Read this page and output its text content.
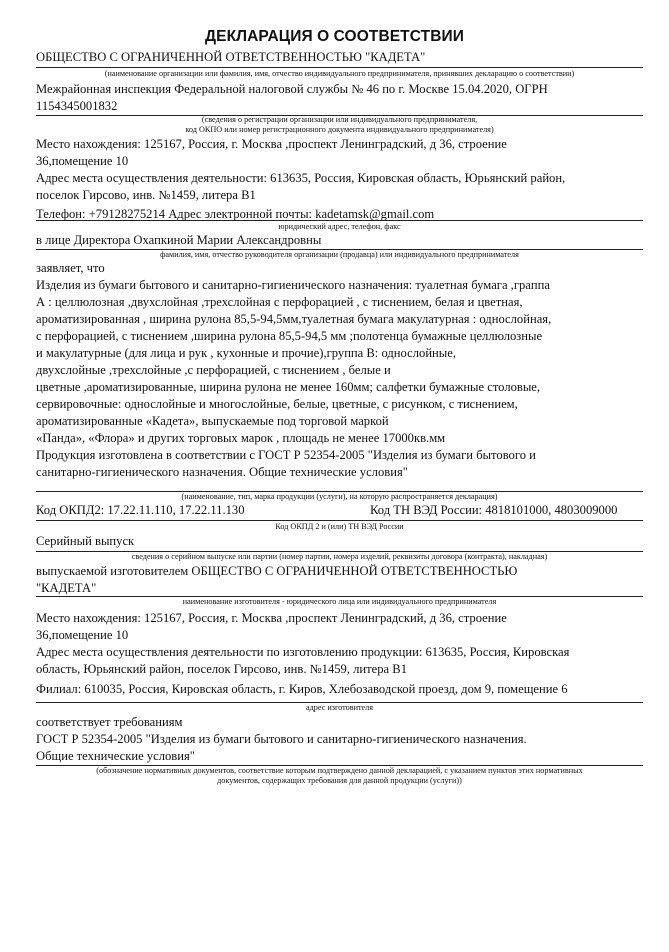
ДЕКЛАРАЦИЯ О СООТВЕТСТВИИ
ОБЩЕСТВО С ОГРАНИЧЕННОЙ ОТВЕТСТВЕННОСТЬЮ "КАДЕТА"
(наименование организации или фамилия, имя, отчество индивидуального предпринимателя, принявших декларацию о соответствии)
Межрайонная инспекция Федеральной налоговой службы № 46 по г. Москве 15.04.2020, ОГРН
1154345001832
(сведения о регистрации организации или индивидуального предпринимателя,
код ОКПО или номер регистрационного документа индивидуального предпринимателя)
Место нахождения: 125167, Россия, г. Москва ,проспект Ленинградский, д 36, строение
36,помещение 10
Адрес места осуществления деятельности: 613635, Россия, Кировская область, Юрьянский район,
поселок Гирсово, инв. №1459, литера В1
Телефон: +79128275214 Адрес электронной почты: kadetamsk@gmail.com
юридический адрес, телефон, факс
в лице Директора Охапкиной Марии Александровны
фамилия, имя, отчество руководителя организации (продавца) или индивидуального предпринимателя
заявляет, что
Изделия из бумаги бытового и санитарно-гигиенического назначения: туалетная бумага ,грaппа
А : целлюлозная ,двухслойная ,трехслойная с перфорацией , с тиснением, белая и цветная,
ароматизированная , ширина рулона 85,5-94,5мм,туалетная бумага макулатурная : однослойная,
с перфорацией, с тиснением ,ширина рулона 85,5-94,5 мм ;полотенца бумажные целлюлозные
и макулатурные (для лица и рук , кухонные и прочие),группа В: однослойные,
двухслойные ,трехслойные ,с перфорацией, с тиснением , белые и
цветные ,ароматизированные, ширина рулона не менее 160мм; салфетки бумажные столовые,
сервировочные: однослойные и многослойные, белые, цветные, с рисунком, с тиснением,
ароматизированные «Кадета», выпускаемые под торговой маркой
«Панда», «Флора» и других торговых марок , площадь не менее 17000кв.мм
Продукция изготовлена в соответствии с ГОСТ Р 52354-2005 "Изделия из бумаги бытового и
санитарно-гигиенического назначения. Общие технические условия"
(наименование, тип, марка продукции (услуги), на которую распространяется декларация)
Код ОКПД2: 17.22.11.110, 17.22.11.130	Код ТН ВЭД России: 4818101000, 4803009000
Код ОКПД 2 и (или) ТН ВЭД России
Серийный выпуск
сведения о серийном выпуске или партии (номер партии, номера изделий, реквизиты договора (контракта), накладная)
выпускаемой изготовителем ОБЩЕСТВО С ОГРАНИЧЕННОЙ ОТВЕТСТВЕННОСТЬЮ
"КАДЕТА"
наименование изготовителя - юридического лица или индивидуального предпринимателя
Место нахождения: 125167, Россия, г. Москва ,проспект Ленинградский, д 36, строение
36,помещение 10
Адрес места осуществления деятельности по изготовлению продукции: 613635, Россия, Кировская
область, Юрьянский район, поселок Гирсово, инв. №1459, литера В1
Филиал: 610035, Россия, Кировская область, г. Киров, Хлебозаводской проезд, дом 9, помещение 6
адрес изготовителя
соответствует требованиям
ГОСТ Р 52354-2005 "Изделия из бумаги бытового и санитарно-гигиенического назначения.
Общие технические условия"
(обозначение нормативных документов, соответствие которым подтверждено данной декларацией, с указанием пунктов этих нормативных
документов, содержащих требования для данной продукции (услуги))
